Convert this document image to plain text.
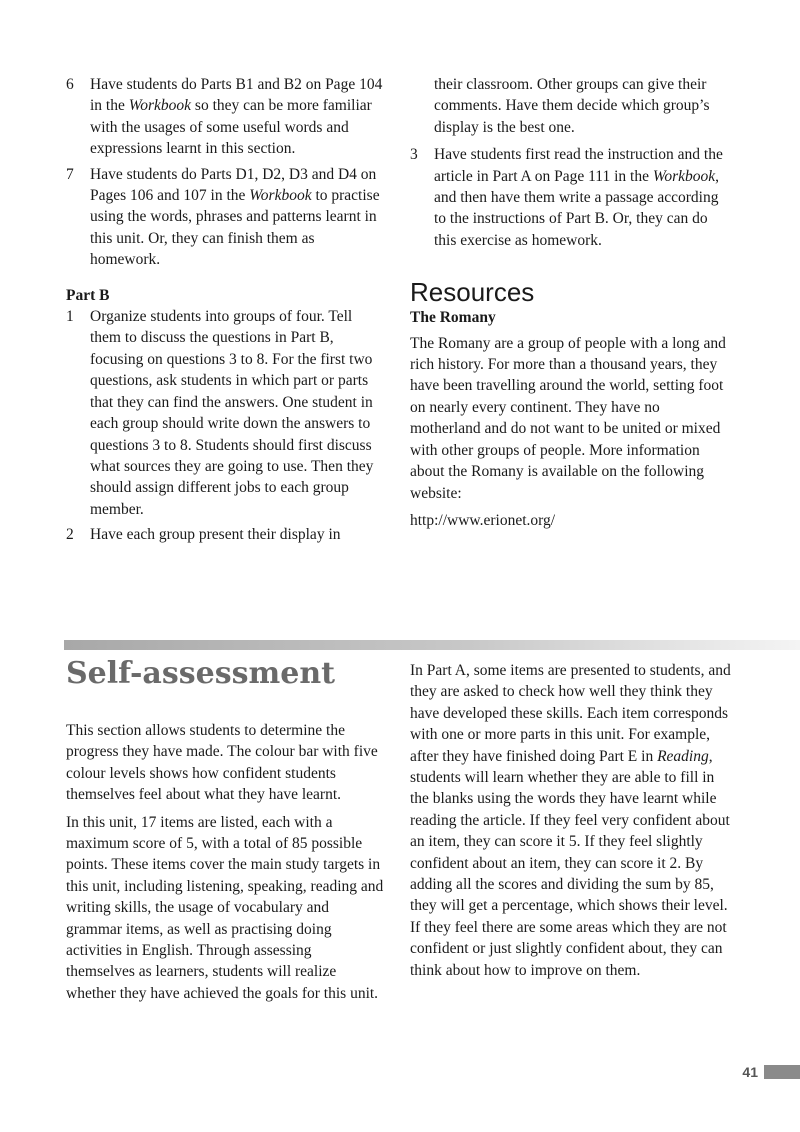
6	Have students do Parts B1 and B2 on Page 104 in the Workbook so they can be more familiar with the usages of some useful words and expressions learnt in this section.
7	Have students do Parts D1, D2, D3 and D4 on Pages 106 and 107 in the Workbook to practise using the words, phrases and patterns learnt in this unit. Or, they can finish them as homework.

Part B

1	Organize students into groups of four. Tell them to discuss the questions in Part B, focusing on questions 3 to 8. For the first two questions, ask students in which part or parts that they can find the answers. One student in each group should write down the answers to questions 3 to 8. Students should first discuss what sources they are going to use. Then they should assign different jobs to each group member.
2	Have each group present their display in
their classroom. Other groups can give their comments. Have them decide which group’s display is the best one.
3	Have students first read the instruction and the article in Part A on Page 111 in the Workbook, and then have them write a passage according to the instructions of Part B. Or, they can do this exercise as homework.

Resources

The Romany

The Romany are a group of people with a long and rich history. For more than a thousand years, they have been travelling around the world, setting foot on nearly every continent. They have no motherland and do not want to be united or mixed with other groups of people. More information about the Romany is available on the following website:

http://www.erionet.org/

Self-assessment

This section allows students to determine the progress they have made. The colour bar with five colour levels shows how confident students themselves feel about what they have learnt.

In this unit, 17 items are listed, each with a maximum score of 5, with a total of 85 possible points. These items cover the main study targets in this unit, including listening, speaking, reading and writing skills, the usage of vocabulary and grammar items, as well as practising doing activities in English. Through assessing themselves as learners, students will realize whether they have achieved the goals for this unit.

In Part A, some items are presented to students, and they are asked to check how well they think they have developed these skills. Each item corresponds with one or more parts in this unit. For example, after they have finished doing Part E in Reading, students will learn whether they are able to fill in the blanks using the words they have learnt while reading the article. If they feel very confident about an item, they can score it 5. If they feel slightly confident about an item, they can score it 2. By adding all the scores and dividing the sum by 85, they will get a percentage, which shows their level. If they feel there are some areas which they are not confident or just slightly confident about, they can think about how to improve on them.

41
